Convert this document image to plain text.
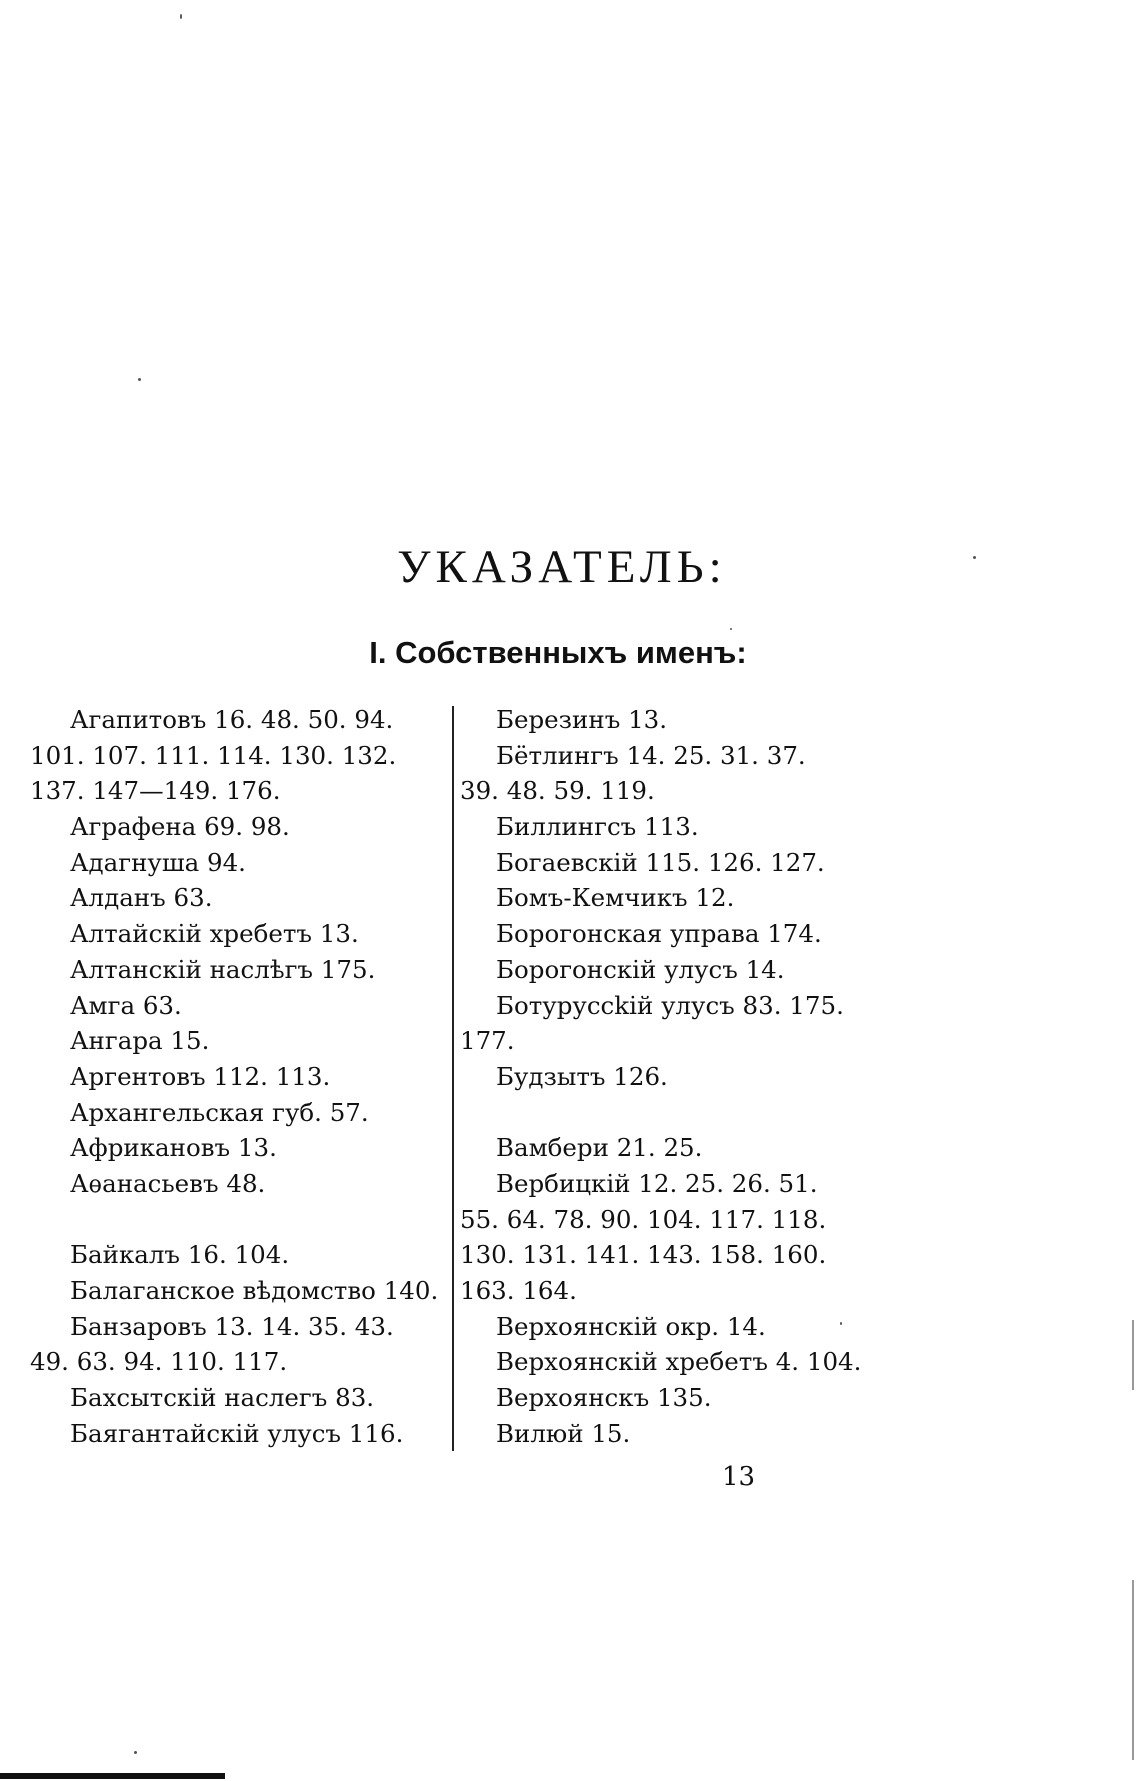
УКАЗАТЕЛЬ:
I. Собственныхъ именъ:
Агапитовъ 16. 48. 50. 94.
101. 107. 111. 114. 130. 132.
137. 147—149. 176.
Аграфена 69. 98.
Адагнуша 94.
Алданъ 63.
Алтайскій хребетъ 13.
Алтанскій наслѣгъ 175.
Амга 63.
Ангара 15.
Аргентовъ 112. 113.
Архангельская губ. 57.
Африкановъ 13.
Аѳанасьевъ 48.
Байкалъ 16. 104.
Балаганское вѣдомство 140.
Банзаровъ 13. 14. 35. 43.
49. 63. 94. 110. 117.
Бахсытскій наслегъ 83.
Баягантайскій улусъ 116.
Березинъ 13.
Бётлингъ 14. 25. 31. 37.
39. 48. 59. 119.
Биллингсъ 113.
Богаевскій 115. 126. 127.
Бомъ-Кемчикъ 12.
Борогонская управа 174.
Борогонскій улусъ 14.
Ботуруссkій улусъ 83. 175.
177.
Будзытъ 126.
Вамбери 21. 25.
Вербицкій 12. 25. 26. 51.
55. 64. 78. 90. 104. 117. 118.
130. 131. 141. 143. 158. 160.
163. 164.
Верхоянскій окр. 14.
Верхоянскій хребетъ 4. 104.
Верхоянскъ 135.
Вилюй 15.
13
